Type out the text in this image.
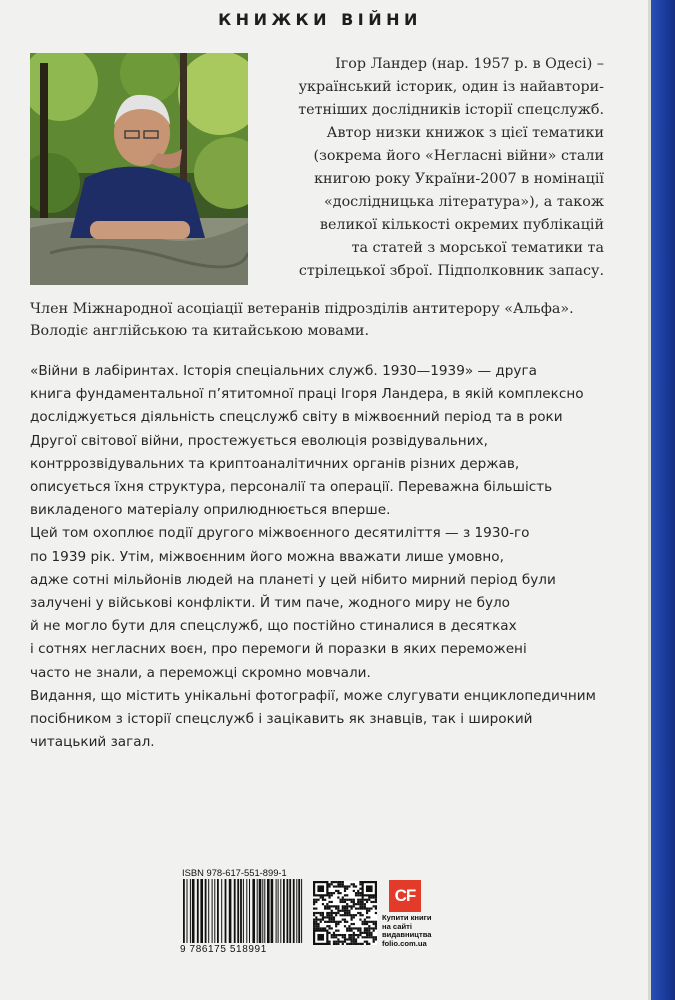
КНИЖКИ ВІЙНИ
Ігор Ландер (нар. 1957 р. в Одесі) –
український історик, один із найавтори-
тетніших дослідників історії спецслужб.
Автор низки книжок з цієї тематики
(зокрема його «Негласні війни» стали
книгою року України-2007 в номінації
«дослідницька література»), а також
великої кількості окремих публікацій
та статей з морської тематики та
стрілецької зброї. Підполковник запасу.
Член Міжнародної асоціації ветеранів підрозділів антитерору «Альфа».
Володіє англійською та китайською мовами.
«Війни в лабіринтах. Історія спеціальних служб. 1930—1939» — друга
книга фундаментальної п’ятитомної праці Ігоря Ландера, в якій комплексно
досліджується діяльність спецслужб світу в міжвоєнний період та в роки
Другої світової війни, простежується еволюція розвідувальних,
контррозвідувальних та криптоаналітичних органів різних держав,
описується їхня структура, персоналії та операції. Переважна більшість
викладеного матеріалу оприлюднюється вперше.
Цей том охоплює події другого міжвоєнного десятиліття — з 1930-го
по 1939 рік. Утім, міжвоєнним його можна вважати лише умовно,
адже сотні мільйонів людей на планеті у цей нібито мирний період були
залучені у військові конфлікти. Й тим паче, жодного миру не було
й не могло бути для спецслужб, що постійно стиналися в десятках
і сотнях негласних воєн, про перемоги й поразки в яких переможені
часто не знали, а переможці скромно мовчали.
Видання, що містить унікальні фотографії, може слугувати енциклопедичним
посібником з історії спецслужб і зацікавить як знавців, так і широкий
читацький загал.
ISBN 978-617-551-899-1
9 786175 518991
CF
Купити книги
на сайті
видавництва
folio.com.ua
